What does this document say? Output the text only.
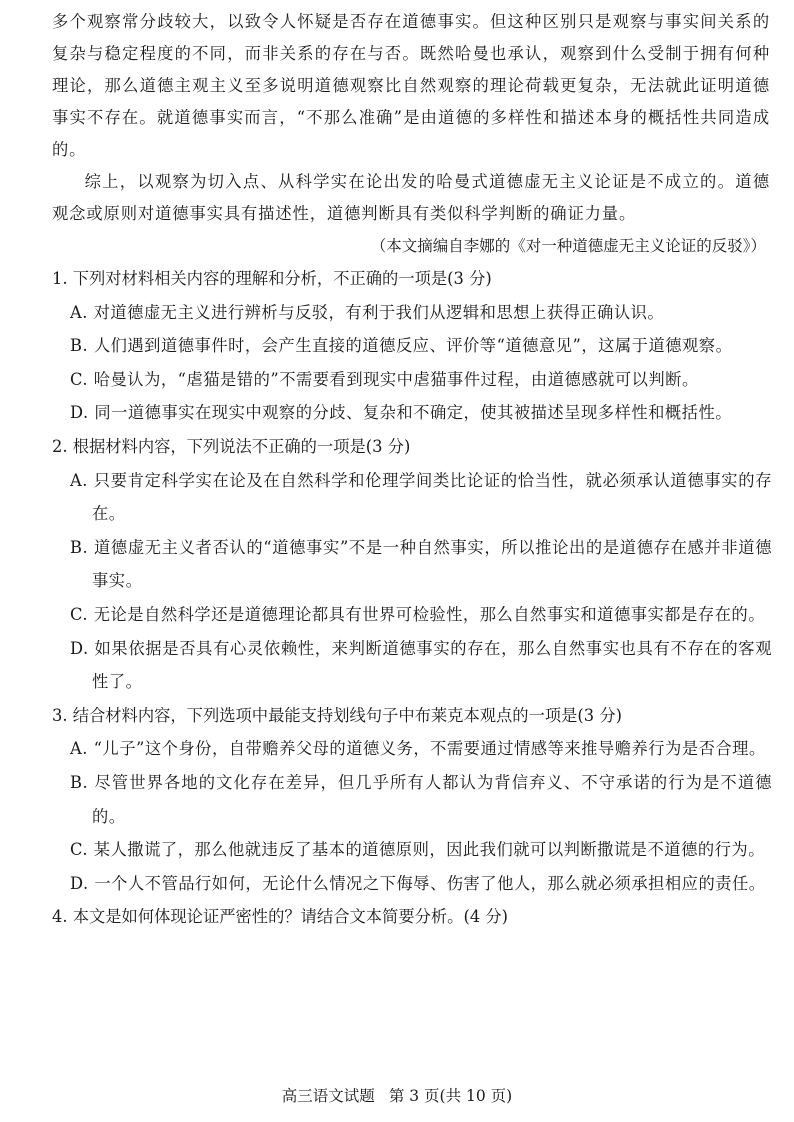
多个观察常分歧较大，以致令人怀疑是否存在道德事实。但这种区别只是观察与事实间关系的复杂与稳定程度的不同，而非关系的存在与否。既然哈曼也承认，观察到什么受制于拥有何种理论，那么道德主观主义至多说明道德观察比自然观察的理论荷载更复杂，无法就此证明道德事实不存在。就道德事实而言，“不那么准确”是由道德的多样性和描述本身的概括性共同造成的。

综上，以观察为切入点、从科学实在论出发的哈曼式道德虚无主义论证是不成立的。道德观念或原则对道德事实具有描述性，道德判断具有类似科学判断的确证力量。

（本文摘编自李娜的《对一种道德虚无主义论证的反驳》）

1. 下列对材料相关内容的理解和分析，不正确的一项是(3 分)

A. 对道德虚无主义进行辨析与反驳，有利于我们从逻辑和思想上获得正确认识。

B. 人们遇到道德事件时，会产生直接的道德反应、评价等“道德意见”，这属于道德观察。

C. 哈曼认为，“虐猫是错的”不需要看到现实中虐猫事件过程，由道德感就可以判断。

D. 同一道德事实在现实中观察的分歧、复杂和不确定，使其被描述呈现多样性和概括性。

2. 根据材料内容，下列说法不正确的一项是(3 分)

A. 只要肯定科学实在论及在自然科学和伦理学间类比论证的恰当性，就必须承认道德事实的存在。

B. 道德虚无主义者否认的“道德事实”不是一种自然事实，所以推论出的是道德存在感并非道德事实。

C. 无论是自然科学还是道德理论都具有世界可检验性，那么自然事实和道德事实都是存在的。

D. 如果依据是否具有心灵依赖性，来判断道德事实的存在，那么自然事实也具有不存在的客观性了。

3. 结合材料内容，下列选项中最能支持划线句子中布莱克本观点的一项是(3 分)

A. “儿子”这个身份，自带赡养父母的道德义务，不需要通过情感等来推导赡养行为是否合理。

B. 尽管世界各地的文化存在差异，但几乎所有人都认为背信弃义、不守承诺的行为是不道德的。

C. 某人撒谎了，那么他就违反了基本的道德原则，因此我们就可以判断撒谎是不道德的行为。

D. 一个人不管品行如何，无论什么情况之下侮辱、伤害了他人，那么就必须承担相应的责任。

4. 本文是如何体现论证严密性的？请结合文本简要分析。(4 分)

高三语文试题 第 3 页(共 10 页)
